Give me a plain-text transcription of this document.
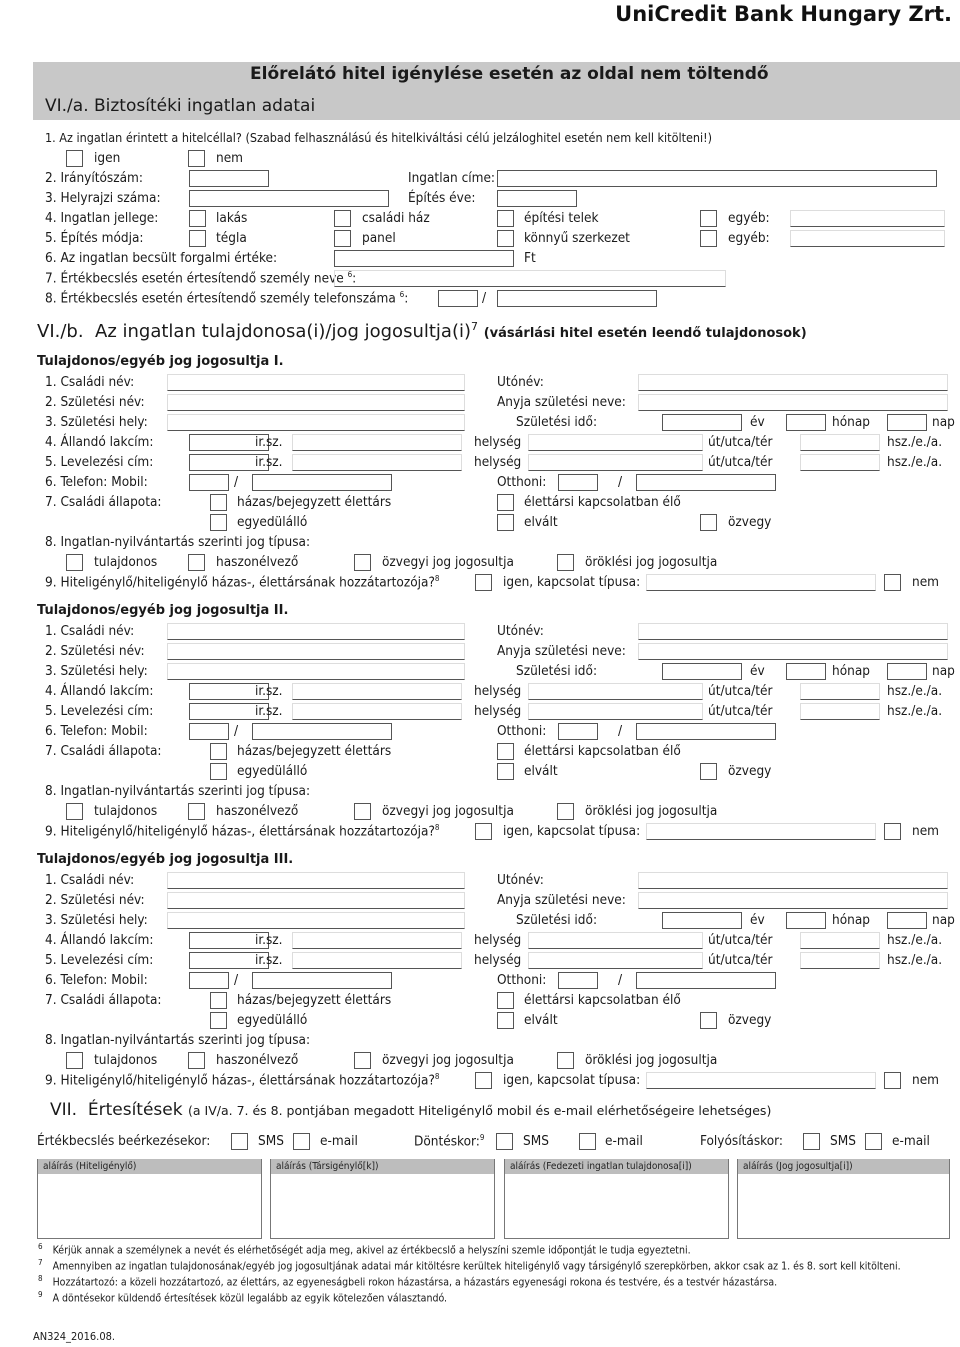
UniCredit Bank Hungary Zrt.
Előrelátó hitel igénylése esetén az oldal nem töltendő
VI./a. Biztosítéki ingatlan adatai
1. Az ingatlan érintett a hitelcéllal? (Szabad felhasználású és hitelkiváltási célú jelzáloghitel esetén nem kell kitölteni!)
igen	nem
2. Irányítószám:	Ingatlan címe:
3. Helyrajzi száma:	Építés éve:
4. Ingatlan jellege:	lakás	családi ház	építési telek	egyéb:
5. Építés módja:	tégla	panel	könnyű szerkezet	egyéb:
6. Az ingatlan becsült forgalmi értéke:	Ft
7. Értékbecslés esetén értesítendő személy neve $^6$:
8. Értékbecslés esetén értesítendő személy telefonszáma $^6$:	/
VI./b. Az ingatlan tulajdonosa(i)/jog jogosultja(i)$^7$ (vásárlási hitel esetén leendő tulajdonosok)
Tulajdonos/egyéb jog jogosultja I.
1. Családi név:	Utónév:
2. Születési név:	Anyja születési neve:
3. Születési hely:	Születési idő:	év	hónap	nap
4. Állandó lakcím:	ir.sz.	helység	út/utca/tér	hsz./e./a.
5. Levelezési cím:	ir.sz.	helység	út/utca/tér	hsz./e./a.
6. Telefon: Mobil:	/	Otthoni:	/
7. Családi állapota:	házas/bejegyzett élettárs	élettársi kapcsolatban élő
egyedülálló	elvált	özvegy
8. Ingatlan-nyilvántartás szerinti jog típusa:
tulajdonos	haszonélvező	özvegyi jog jogosultja	öröklési jog jogosultja
9. Hiteligénylő/hiteligénylő házas-, élettársának hozzátartozója?$^8$	igen, kapcsolat típusa:	nem
Tulajdonos/egyéb jog jogosultja II.
1. Családi név:	Utónév:
2. Születési név:	Anyja születési neve:
3. Születési hely:	Születési idő:	év	hónap	nap
4. Állandó lakcím:	ir.sz.	helység	út/utca/tér	hsz./e./a.
5. Levelezési cím:	ir.sz.	helység	út/utca/tér	hsz./e./a.
6. Telefon: Mobil:	/	Otthoni:	/
7. Családi állapota:	házas/bejegyzett élettárs	élettársi kapcsolatban élő
egyedülálló	elvált	özvegy
8. Ingatlan-nyilvántartás szerinti jog típusa:
tulajdonos	haszonélvező	özvegyi jog jogosultja	öröklési jog jogosultja
9. Hiteligénylő/hiteligénylő házas-, élettársának hozzátartozója?$^8$	igen, kapcsolat típusa:	nem
Tulajdonos/egyéb jog jogosultja III.
1. Családi név:	Utónév:
2. Születési név:	Anyja születési neve:
3. Születési hely:	Születési idő:	év	hónap	nap
4. Állandó lakcím:	ir.sz.	helység	út/utca/tér	hsz./e./a.
5. Levelezési cím:	ir.sz.	helység	út/utca/tér	hsz./e./a.
6. Telefon: Mobil:	/	Otthoni:	/
7. Családi állapota:	házas/bejegyzett élettárs	élettársi kapcsolatban élő
egyedülálló	elvált	özvegy
8. Ingatlan-nyilvántartás szerinti jog típusa:
tulajdonos	haszonélvező	özvegyi jog jogosultja	öröklési jog jogosultja
9. Hiteligénylő/hiteligénylő házas-, élettársának hozzátartozója?$^8$	igen, kapcsolat típusa:	nem
VII. Értesítések (a IV/a. 7. és 8. pontjában megadott Hiteligénylő mobil és e-mail elérhetőségeire lehetséges)
Értékbecslés beérkezésekor:	SMS	e-mail	Döntéskor:$^9$	SMS	e-mail	Folyósításkor:	SMS	e-mail
aláírás (Hiteligénylő)	aláírás (Társigénylő[k])	aláírás (Fedezeti ingatlan tulajdonosa[i])	aláírás (Jog jogosultja[i])
$^6$ Kérjük annak a személynek a nevét és elérhetőségét adja meg, akivel az értékbecslő a helyszíni szemle időpontját le tudja egyeztetni.
$^7$ Amennyiben az ingatlan tulajdonosának/egyéb jog jogosultjának adatai már kitöltésre kerültek hiteligénylő vagy társigénylő szerepkörben, akkor csak az 1. és 8. sort kell kitölteni.
$^8$ Hozzátartozó: a közeli hozzátartozó, az élettárs, az egyeneságbeli rokon házastársa, a házastárs egyenesági rokona és testvére, és a testvér házastársa.
$^9$ A döntésekor küldendő értesítések közül legalább az egyik kötelezően választandó.
AN324_2016.08.
